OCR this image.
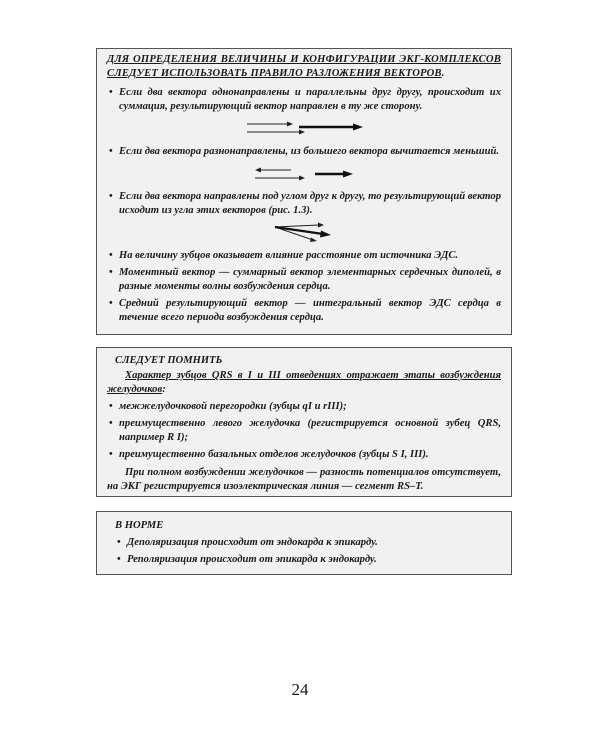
ДЛЯ ОПРЕДЕЛЕНИЯ ВЕЛИЧИНЫ И КОНФИГУРАЦИИ ЭКГ-КОМПЛЕКСОВ СЛЕДУЕТ ИСПОЛЬЗОВАТЬ ПРАВИЛО РАЗЛОЖЕНИЯ ВЕКТОРОВ.
• Если два вектора однонаправлены и параллельны друг другу, происходит их суммация, результирующий вектор направлен в ту же сторону.
• Если два вектора разнонаправлены, из большего вектора вычитается меньший.
• Если два вектора направлены под углом друг к другу, то результирующий вектор исходит из угла этих векторов (рис. 1.3).
• На величину зубцов оказывает влияние расстояние от источника ЭДС.
• Моментный вектор — суммарный вектор элементарных сердечных диполей, в разные моменты волны возбуждения сердца.
• Средний результирующий вектор — интегральный вектор ЭДС сердца в течение всего периода возбуждения сердца.
СЛЕДУЕТ ПОМНИТЬ
Характер зубцов QRS в I и III отведениях отражает этапы возбуждения желудочков:
• межжелудочковой перегородки (зубцы qI и rIII);
• преимущественно левого желудочка (регистрируется основной зубец QRS, например R I);
• преимущественно базальных отделов желудочков (зубцы S I, III).
При полном возбуждении желудочков — разность потенциалов отсутствует, на ЭКГ регистрируется изоэлектрическая линия — сегмент RS–T.
В НОРМЕ
• Деполяризация происходит от эндокарда к эпикарду.
• Реполяризация происходит от эпикарда к эндокарду.
24
